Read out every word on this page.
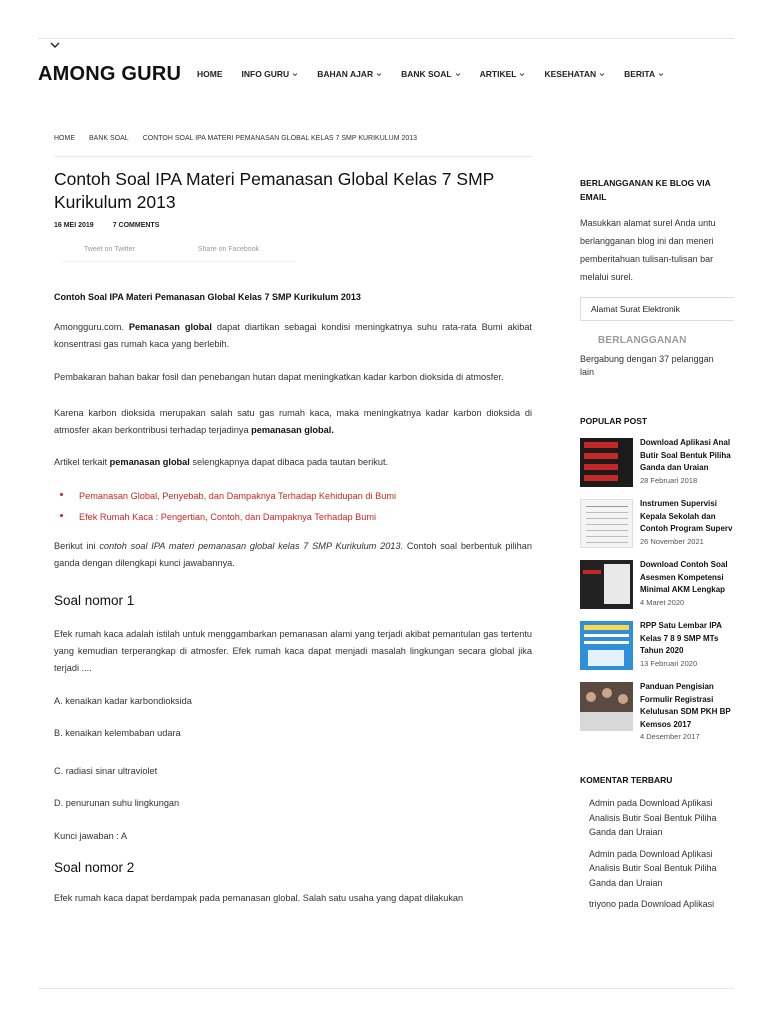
AMONG GURU HOME INFO GURU	BAHAN AJAR	BANK SOAL	ARTIKEL	KESEHATAN	BERITA
HOME BANK SOAL CONTOH SOAL IPA MATERI PEMANASAN GLOBAL KELAS 7 SMP KURIKULUM 2013
Contoh Soal IPA Materi Pemanasan Global Kelas 7 SMP Kurikulum 2013
16 MEI 2019	7 COMMENTS
Tweet on Twitter	Share on Facebook

Contoh Soal IPA Materi Pemanasan Global Kelas 7 SMP Kurikulum 2013

Amongguru.com. Pemanasan global dapat diartikan sebagai kondisi meningkatnya suhu rata-rata Bumi akibat konsentrasi gas rumah kaca yang berlebih.

Pembakaran bahan bakar fosil dan penebangan hutan dapat meningkatkan kadar karbon dioksida di atmosfer.

Karena karbon dioksida merupakan salah satu gas rumah kaca, maka meningkatnya kadar karbon dioksida di atmosfer akan berkontribusi terhadap terjadinya pemanasan global.

Artikel terkait pemanasan global selengkapnya dapat dibaca pada tautan berikut.

Pemanasan Global, Penyebab, dan Dampaknya Terhadap Kehidupan di Bumi
Efek Rumah Kaca : Pengertian, Contoh, dan Dampaknya Terhadap Bumi

Berikut ini contoh soal IPA materi pemanasan global kelas 7 SMP Kurikulum 2013. Contoh soal berbentuk pilihan ganda dengan dilengkapi kunci jawabannya.

Soal nomor 1

Efek rumah kaca adalah istilah untuk menggambarkan pemanasan alami yang terjadi akibat pemantulan gas tertentu yang kemudian terperangkap di atmosfer. Efek rumah kaca dapat menjadi masalah lingkungan secara global jika terjadi ....

A. kenaikan kadar karbondioksida

B. kenaikan kelembaban udara

C. radiasi sinar ultraviolet

D. penurunan suhu lingkungan

Kunci jawaban : A

Soal nomor 2

Efek rumah kaca dapat berdampak pada pemanasan global. Salah satu usaha yang dapat dilakukan

BERLANGGANAN KE BLOG VIA EMAIL
Masukkan alamat surel Anda untu
berlangganan blog ini dan meneri
pemberitahuan tulisan-tulisan bar
melalui surel.
Alamat Surat Elektronik
BERLANGGANAN
Bergabung dengan 37 pelanggan
lain
POPULAR POST
Download Aplikasi Anal
Butir Soal Bentuk Piliha
Ganda dan Uraian
28 Februari 2018
Instrumen Supervisi
Kepala Sekolah dan
Contoh Program Superv
26 November 2021
Download Contoh Soal
Asesmen Kompetensi
Minimal AKM Lengkap
4 Maret 2020
RPP Satu Lembar IPA
Kelas 7 8 9 SMP MTs
Tahun 2020
13 Februari 2020
Panduan Pengisian
Formulir Registrasi
Kelulusan SDM PKH BP
Kemsos 2017
4 Desember 2017
KOMENTAR TERBARU
Admin pada Download Aplikasi
Analisis Butir Soal Bentuk Piliha
Ganda dan Uraian
Admin pada Download Aplikasi
Analisis Butir Soal Bentuk Piliha
Ganda dan Uraian
triyono pada Download Aplikasi
